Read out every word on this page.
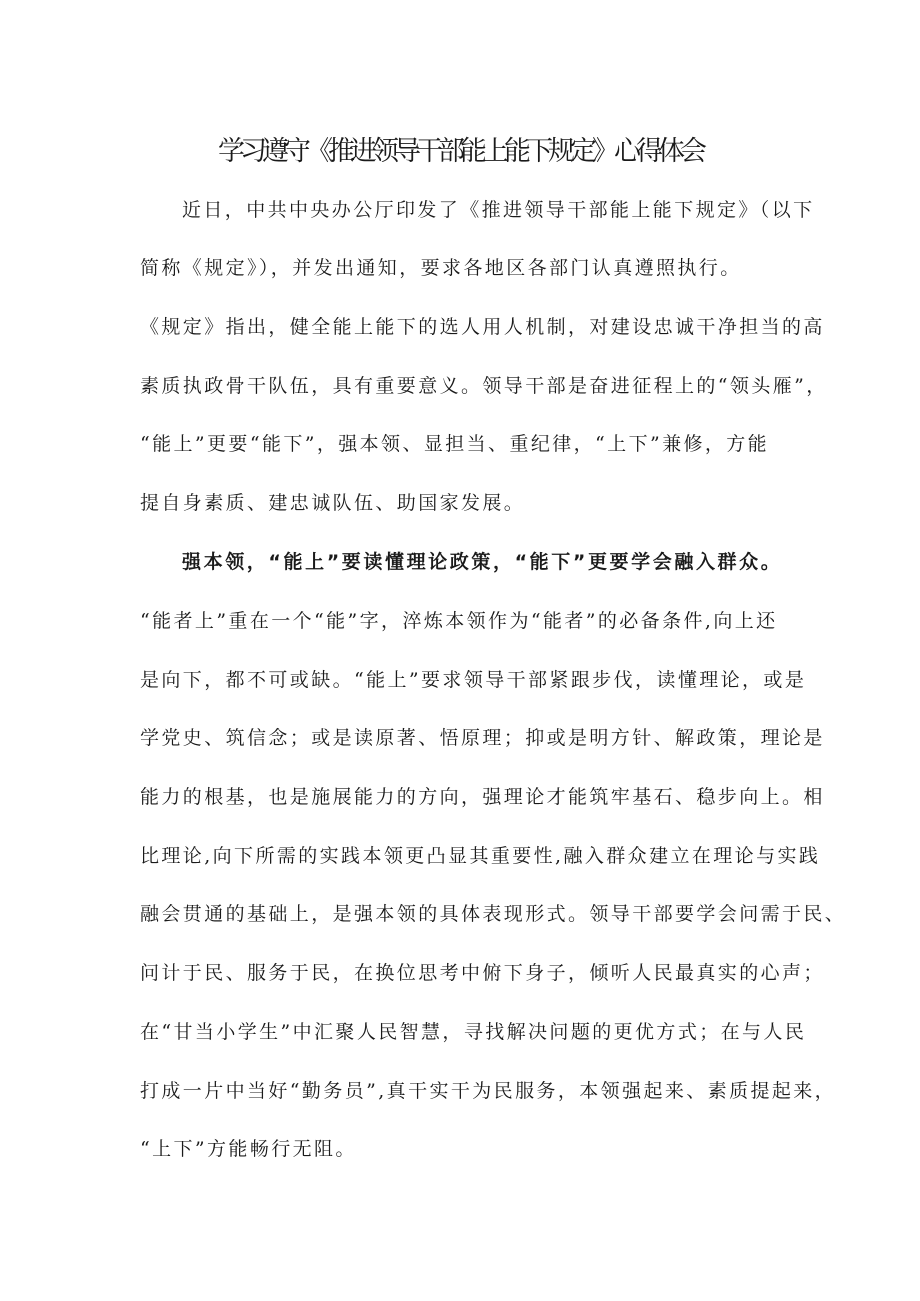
学习遵守《推进领导干部能上能下规定》心得体会
近日，中共中央办公厅印发了《推进领导干部能上能下规定》（以下
简称《规定》），并发出通知，要求各地区各部门认真遵照执行。
《规定》指出，健全能上能下的选人用人机制，对建设忠诚干净担当的高
素质执政骨干队伍，具有重要意义。领导干部是奋进征程上的“领头雁”，
“能上”更要“能下”，强本领、显担当、重纪律，“上下”兼修，方能
提自身素质、建忠诚队伍、助国家发展。
强本领，“能上”要读懂理论政策，“能下”更要学会融入群众。
“能者上”重在一个“能”字，淬炼本领作为“能者”的必备条件,向上还
是向下，都不可或缺。“能上”要求领导干部紧跟步伐，读懂理论，或是
学党史、筑信念；或是读原著、悟原理；抑或是明方针、解政策，理论是
能力的根基，也是施展能力的方向，强理论才能筑牢基石、稳步向上。相
比理论,向下所需的实践本领更凸显其重要性,融入群众建立在理论与实践
融会贯通的基础上，是强本领的具体表现形式。领导干部要学会问需于民、
问计于民、服务于民，在换位思考中俯下身子，倾听人民最真实的心声；
在“甘当小学生”中汇聚人民智慧，寻找解决问题的更优方式；在与人民
打成一片中当好“勤务员”,真干实干为民服务，本领强起来、素质提起来，
“上下”方能畅行无阻。
